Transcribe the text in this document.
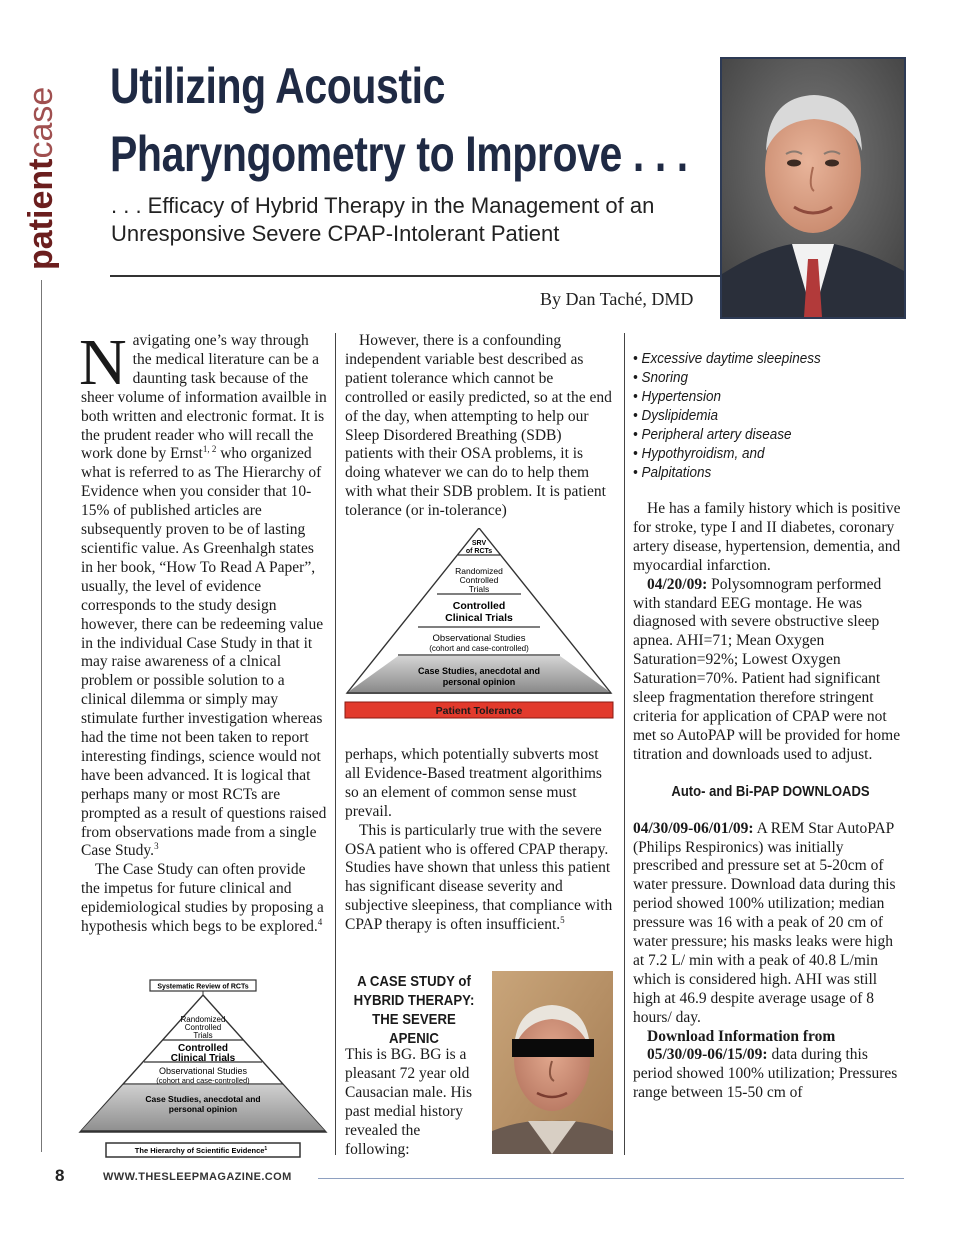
patientcase
Utilizing Acoustic
Pharyngometry to Improve . . .
. . . Efficacy of Hybrid Therapy in the Management of an
Unresponsive Severe CPAP-Intolerant Patient
By Dan Taché, DMD

Navigating one’s way through the medical literature can be a daunting task because of the sheer volume of information availble in both written and electronic format. It is the prudent reader who will recall the work done by Ernst$^{1, 2}$ who organized what is referred to as The Hierarchy of Evidence when you consider that 10-15% of published articles are subsequently proven to be of lasting scientific value. As Greenhalgh states in her book, “How To Read A Paper”, usually, the level of evidence corresponds to the study design however, there can be redeeming value in the individual Case Study in that it may raise awareness of a clnical problem or possible solution to a clinical dilemma or simply may stimulate further investigation whereas had the time not been taken to report interesting findings, science would not have been advanced. It is logical that perhaps many or most RCTs are prompted as a result of questions raised from observations made from a single Case Study.$^3$

The Case Study can often provide the impetus for future clinical and epidemiological studies by proposing a hypothesis which begs to be explored.$^4$

Systematic Review of RCTs
Randomized
Controlled
Trials
Controlled
Clinical Trials
Observational Studies
(cohort and case-controlled)
Case Studies, anecdotal and
personal opinion
The Hierarchy of Scientific Evidence$^1$

However, there is a confounding independent variable best described as patient tolerance which cannot be controlled or easily predicted, so at the end of the day, when attempting to help our Sleep Disordered Breathing (SDB) patients with their OSA problems, it is doing whatever we can do to help them with what their SDB problem. It is patient tolerance (or in-tolerance)

SRV
of RCTs
Randomized
Controlled
Trials
Controlled
Clinical Trials
Observational Studies
(cohort and case-controlled)
Case Studies, anecdotal and
personal opinion
Patient Tolerance

perhaps, which potentially subverts most all Evidence-Based treatment algorithims so an element of common sense must prevail.

This is particularly true with the severe OSA patient who is offered CPAP therapy. Studies have shown that unless this patient has significant disease severity and subjective sleepiness, that compliance with CPAP therapy is often insufficient.$^5$

A CASE STUDY of
HYBRID THERAPY:
THE SEVERE APENIC

This is BG. BG is a pleasant 72 year old Causacian male. His past medial history revealed the following:

• Excessive daytime sleepiness
• Snoring
• Hypertension
• Dyslipidemia
• Peripheral artery disease
• Hypothyroidism, and
• Palpitations

He has a family history which is positive for stroke, type I and II diabetes, coronary artery disease, hypertension, dementia, and myocardial infarction.

04/20/09: Polysomnogram performed with standard EEG montage. He was diagnosed with severe obstructive sleep apnea. AHI=71; Mean Oxygen Saturation=92%; Lowest Oxygen Saturation=70%. Patient had significant sleep fragmentation therefore stringent criteria for application of CPAP were not met so AutoPAP will be provided for home titration and downloads used to adjust.

Auto- and Bi-PAP DOWNLOADS

04/30/09-06/01/09: A REM Star AutoPAP (Philips Respironics) was initially prescribed and pressure set at 5-20cm of water pressure. Download data during this period showed 100% utilization; median pressure was 16 with a peak of 20 cm of water pressure; his masks leaks were high at 7.2 L/ min with a peak of 40.8 L/min which is considered high. AHI was still high at 46.9 despite average usage of 8 hours/ day.

Download Information from
05/30/09-06/15/09: data during this period showed 100% utilization; Pressures range between 15-50 cm of

8	WWW.THESLEEPMAGAZINE.COM
